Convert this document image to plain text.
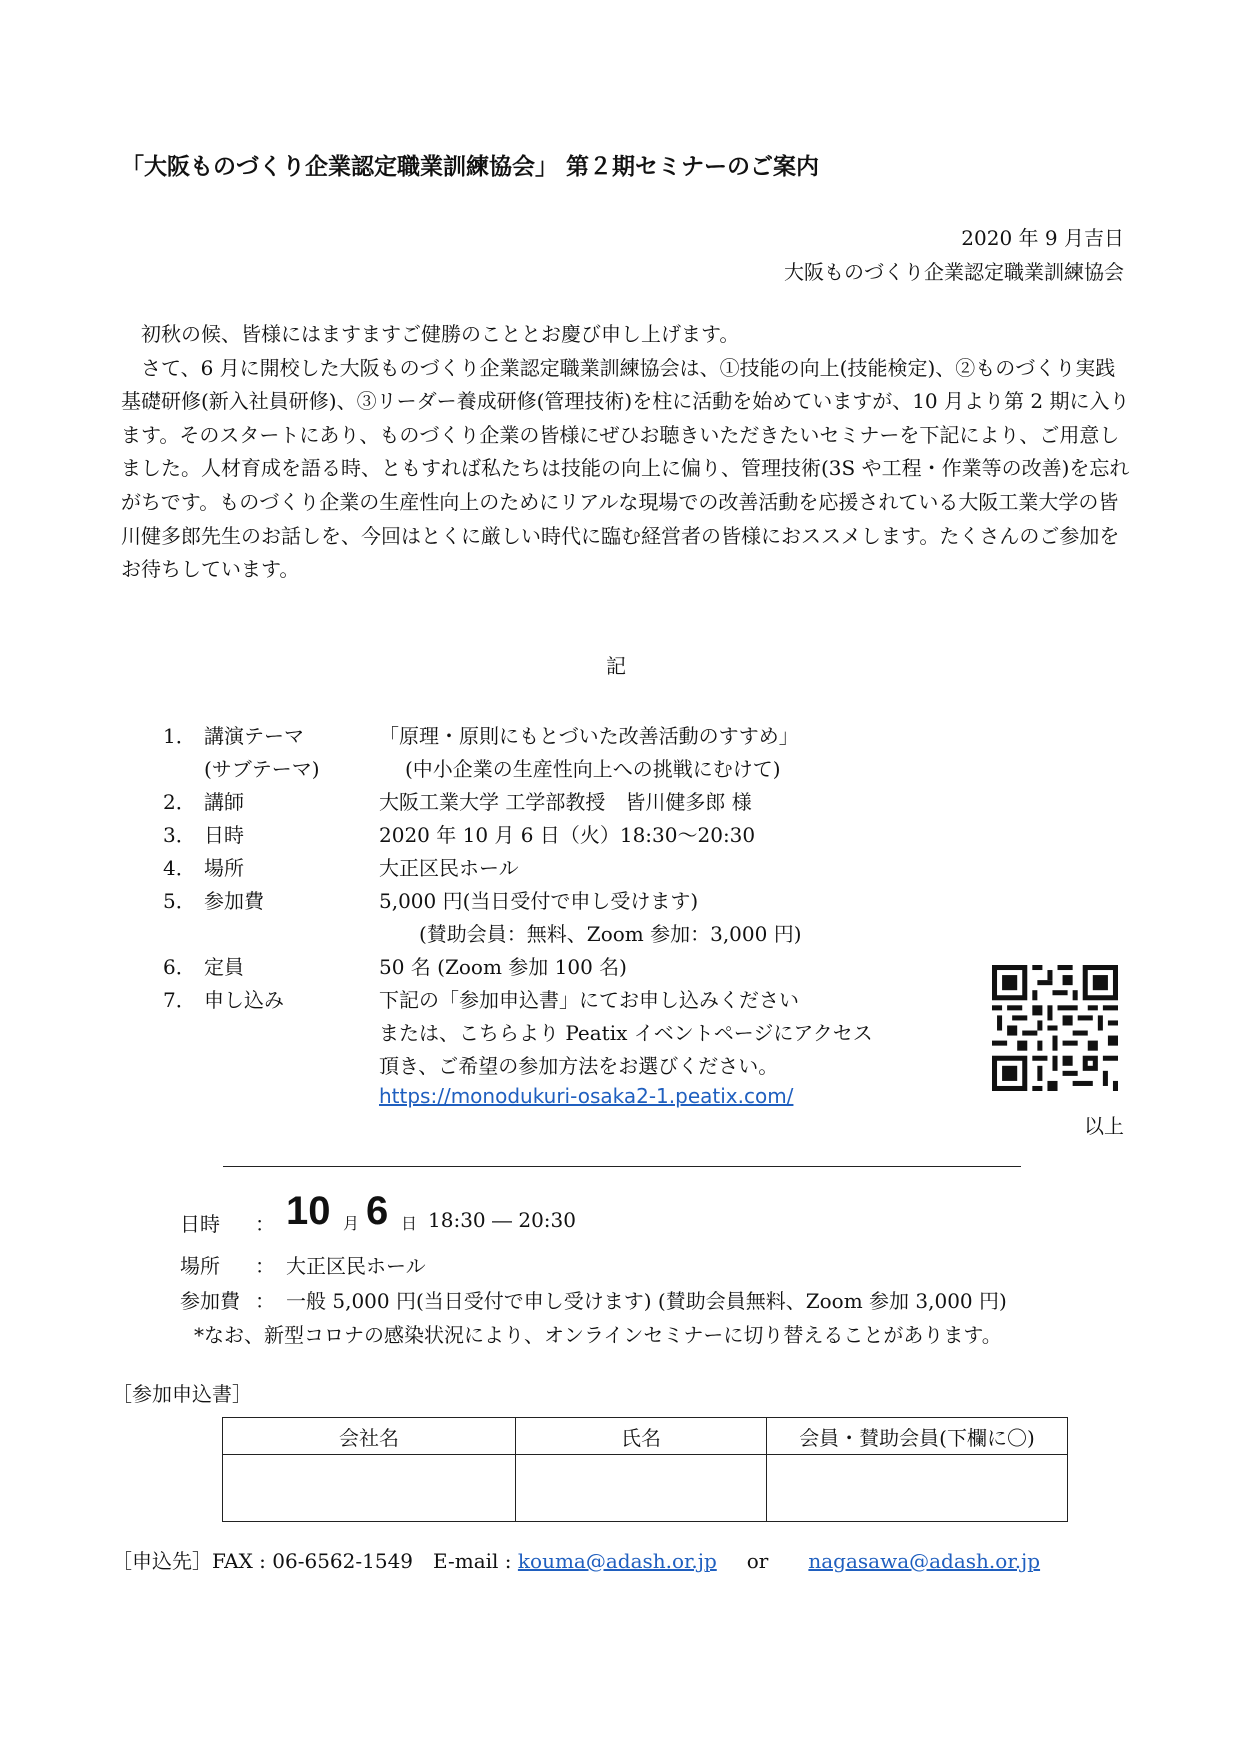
「大阪ものづくり企業認定職業訓練協会」 第２期セミナーのご案内
2020 年 9 月吉日
大阪ものづくり企業認定職業訓練協会

　初秋の候、皆様にはますますご健勝のこととお慶び申し上げます。

　さて、6 月に開校した大阪ものづくり企業認定職業訓練協会は、①技能の向上(技能検定)、②ものづくり実践基礎研修(新入社員研修)、③リーダー養成研修(管理技術)を柱に活動を始めていますが、10 月より第 2 期に入ります。そのスタートにあり、ものづくり企業の皆様にぜひお聴きいただきたいセミナーを下記により、ご用意しました。人材育成を語る時、ともすれば私たちは技能の向上に偏り、管理技術(3S や工程・作業等の改善)を忘れがちです。ものづくり企業の生産性向上のためにリアルな現場での改善活動を応援されている大阪工業大学の皆川健多郎先生のお話しを、今回はとくに厳しい時代に臨む経営者の皆様におススメします。たくさんのご参加をお待ちしています。

記
1． 講演テーマ	「原理・原則にもとづいた改善活動のすすめ」
(サブテーマ)	(中小企業の生産性向上への挑戦にむけて)
2． 講師	大阪工業大学 工学部教授　皆川健多郎 様
3． 日時	2020 年 10 月 6 日（火）18:30～20:30
4． 場所	大正区民ホール
5． 参加費	5,000 円(当日受付で申し受けます)
(賛助会員：無料、Zoom 参加：3,000 円)
6． 定員	50 名 (Zoom 参加 100 名)
7． 申し込み	下記の「参加申込書」にてお申し込みください
または、こちらより Peatix イベントページにアクセス
頂き、ご希望の参加方法をお選びください。
https://monodukuri-osaka2-1.peatix.com/
以上
日時 ： 10 月 6 日 18:30 ― 20:30
場所 ： 大正区民ホール
参加費 ： 一般 5,000 円(当日受付で申し受けます) (賛助会員無料、Zoom 参加 3,000 円)
*なお、新型コロナの感染状況により、オンラインセミナーに切り替えることがあります。
［参加申込書］
会社名	氏名	会員・賛助会員(下欄に〇)

［申込先］FAX : 06-6562-1549　E-mail : kouma@adash.or.jp or nagasawa@adash.or.jp
